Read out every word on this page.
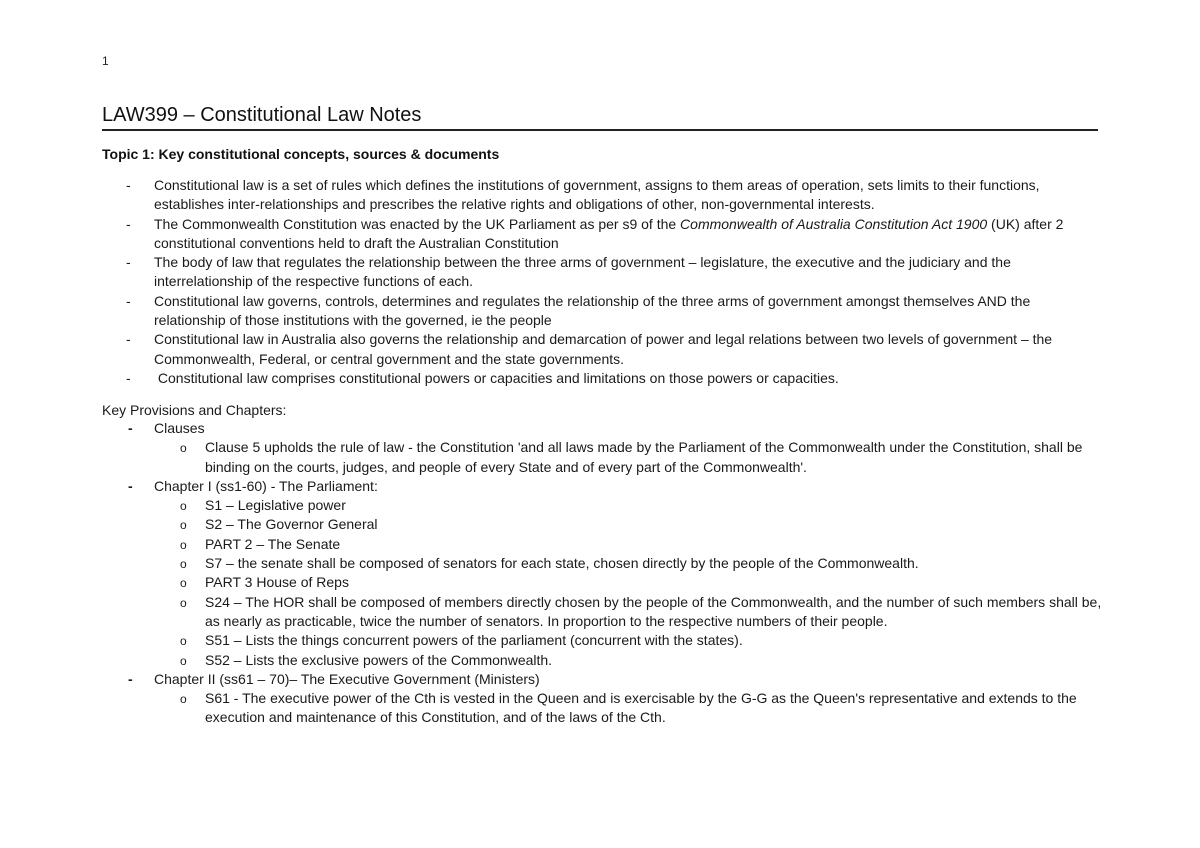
1
LAW399 – Constitutional Law Notes
Topic 1: Key constitutional concepts, sources & documents
- Constitutional law is a set of rules which defines the institutions of government, assigns to them areas of operation, sets limits to their functions, establishes inter-relationships and prescribes the relative rights and obligations of other, non-governmental interests.
- The Commonwealth Constitution was enacted by the UK Parliament as per s9 of the Commonwealth of Australia Constitution Act 1900 (UK) after 2 constitutional conventions held to draft the Australian Constitution
- The body of law that regulates the relationship between the three arms of government – legislature, the executive and the judiciary and the interrelationship of the respective functions of each.
- Constitutional law governs, controls, determines and regulates the relationship of the three arms of government amongst themselves AND the relationship of those institutions with the governed, ie the people
- Constitutional law in Australia also governs the relationship and demarcation of power and legal relations between two levels of government – the Commonwealth, Federal, or central government and the state governments.
- Constitutional law comprises constitutional powers or capacities and limitations on those powers or capacities.
Key Provisions and Chapters:
- Clauses
o Clause 5 upholds the rule of law - the Constitution 'and all laws made by the Parliament of the Commonwealth under the Constitution, shall be binding on the courts, judges, and people of every State and of every part of the Commonwealth'.
- Chapter I (ss1-60) - The Parliament:
o S1 – Legislative power
o S2 – The Governor General
o PART 2 – The Senate
o S7 – the senate shall be composed of senators for each state, chosen directly by the people of the Commonwealth.
o PART 3 House of Reps
o S24 – The HOR shall be composed of members directly chosen by the people of the Commonwealth, and the number of such members shall be, as nearly as practicable, twice the number of senators. In proportion to the respective numbers of their people.
o S51 – Lists the things concurrent powers of the parliament (concurrent with the states).
o S52 – Lists the exclusive powers of the Commonwealth.
- Chapter II (ss61 – 70)– The Executive Government (Ministers)
o S61 - The executive power of the Cth is vested in the Queen and is exercisable by the G-G as the Queen's representative and extends to the execution and maintenance of this Constitution, and of the laws of the Cth.
